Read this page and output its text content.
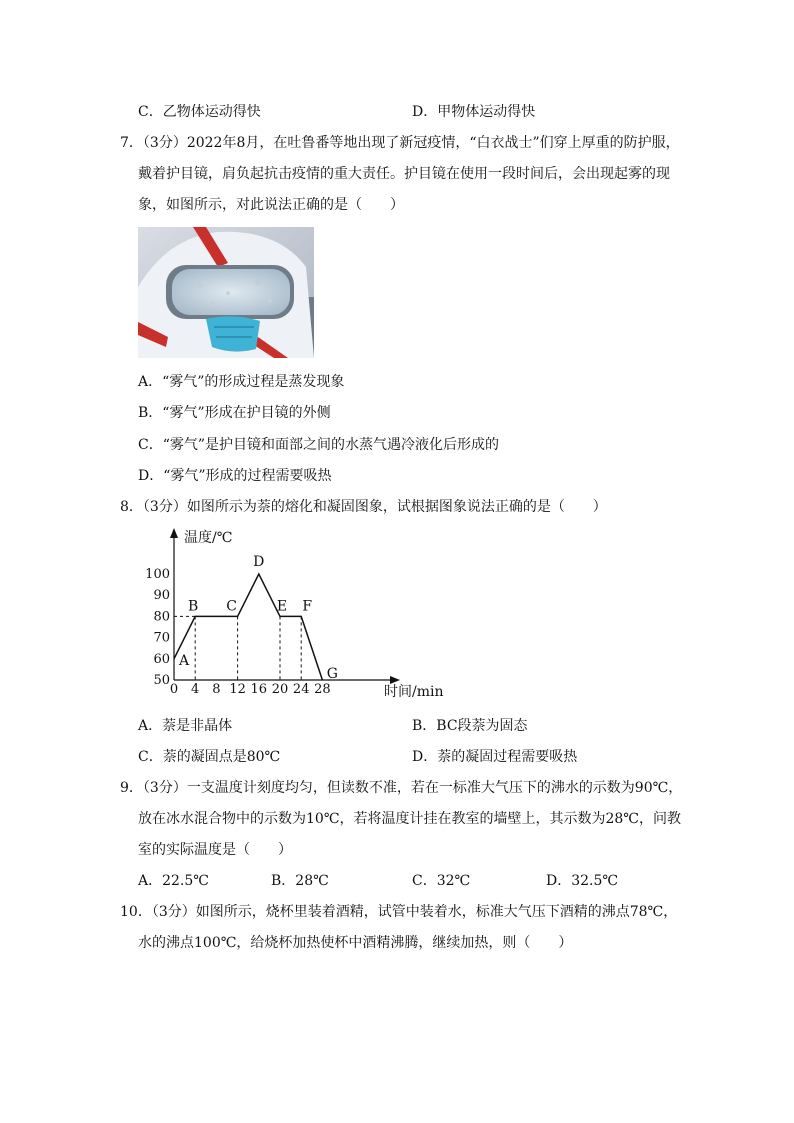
C．乙物体运动得快	D．甲物体运动得快
7．（3分）2022年8月，在吐鲁番等地出现了新冠疫情，“白衣战士”们穿上厚重的防护服，
戴着护目镜，肩负起抗击疫情的重大责任。护目镜在使用一段时间后，会出现起雾的现
象，如图所示，对此说法正确的是（　　）
A．“雾气”的形成过程是蒸发现象
B．“雾气”形成在护目镜的外侧
C．“雾气”是护目镜和面部之间的水蒸气遇冷液化后形成的
D．“雾气”形成的过程需要吸热
8．（3分）如图所示为萘的熔化和凝固图象，试根据图象说法正确的是（　　）
温度/℃
时间/min
0 4 8 12 16 20 24 28
50
60
70
80
90
100
A
B C
D
E F
G
A．萘是非晶体	B．BC段萘为固态
C．萘的凝固点是80℃	D．萘的凝固过程需要吸热
9．（3分）一支温度计刻度均匀，但读数不准，若在一标准大气压下的沸水的示数为90℃，
放在冰水混合物中的示数为10℃，若将温度计挂在教室的墙壁上，其示数为28℃，问教
室的实际温度是（　　）
A．22.5℃	B．28℃	C．32℃	D．32.5℃
10．（3分）如图所示，烧杯里装着酒精，试管中装着水，标准大气压下酒精的沸点78℃，
水的沸点100℃，给烧杯加热使杯中酒精沸腾，继续加热，则（　　）
